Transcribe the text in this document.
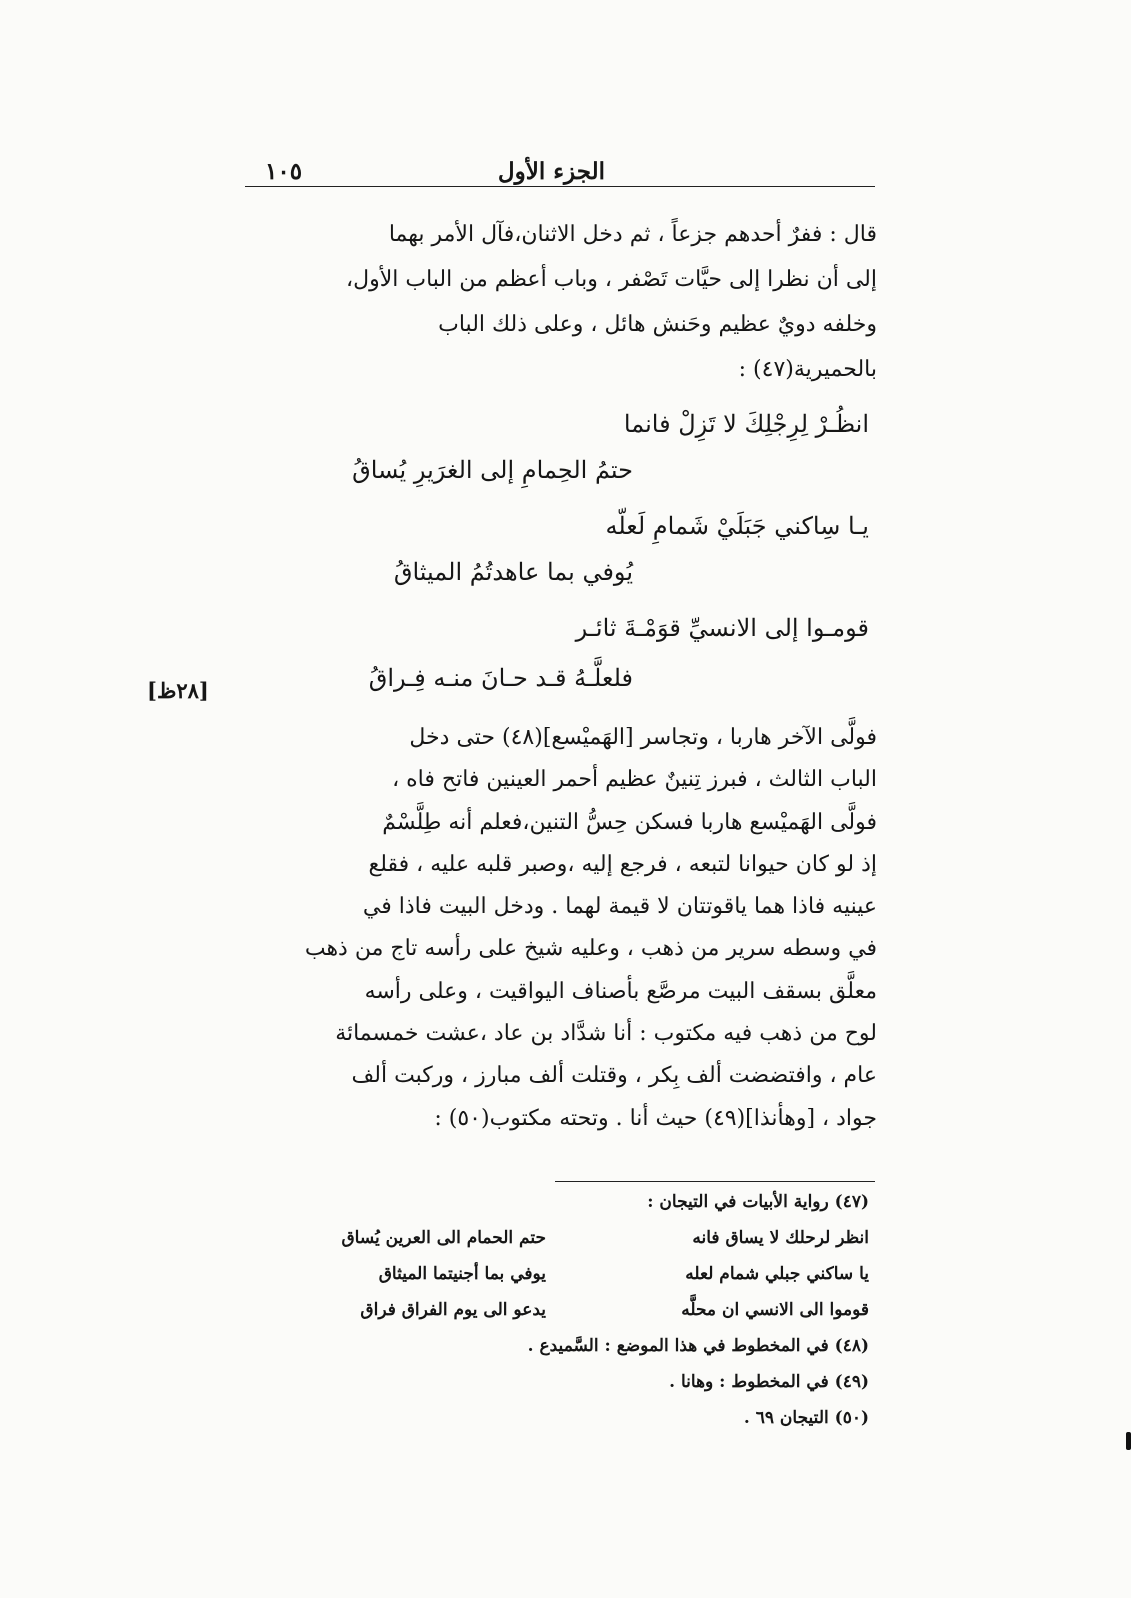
الجزء الأول
١٠٥

قال : ففرٌ أحدهم جزعاً ، ثم دخل الاثنان،فآل الأمر بهما

إلى أن نظرا إلى حيَّات تَصْفر ، وباب أعظم من الباب الأول،

وخلفه دويٌ عظيم وحَنش هائل ، وعلى ذلك الباب

بالحميرية(٤٧) :

انظُـرْ لِرِجْلِكَ لا تَزِلْ فانما
حتمُ الحِمامِ إلى الغرَيرِ يُساقُ
يـا سِاكني جَبَلَيْ شَمامِ لَعلّه
يُوفي بما عاهدتُمُ الميثاقُ
قومـوا إلى الانسيِّ قوَمْـةَ ثائـر
فلعلَّـهُ قـد حـانَ منـه فِـراقُ
[٢٨ظ]
فولَّى الآخر هاربا ، وتجاسر [الهَميْسع](٤٨) حتى دخل
الباب الثالث ، فبرز تِنينٌ عظيم أحمر العينين فاتح فاه ،
فولَّى الهَميْسع هاربا فسكن حِسُّ التنين،فعلم أنه طِلَّسْمٌ
إذ لو كان حيوانا لتبعه ، فرجع إليه ،وصبر قلبه عليه ، فقلع
عينيه فاذا هما ياقوتتان لا قيمة لهما . ودخل البيت فاذا في
في وسطه سرير من ذهب ، وعليه شيخ على رأسه تاج من ذهب
معلَّق بسقف البيت مرصَّع بأصناف اليواقيت ، وعلى رأسه
لوح من ذهب فيه مكتوب : أنا شدَّاد بن عاد ،عشت خمسمائة
عام ، وافتضضت ألف بِكر ، وقتلت ألف مبارز ، وركبت ألف
جواد ، [وهأنذا](٤٩) حيث أنا . وتحته مكتوب(٥٠) :
(٤٧) رواية الأبيات في التيجان :
انظر لرحلك لا يساق فانه
حتم الحمام الى العرين يُساق
يا ساكني جبلي شمام لعله
يوفي بما أجنيتما الميثاق
قوموا الى الانسي ان محلَّه
يدعو الى يوم الفراق فراق
(٤٨) في المخطوط في هذا الموضع : السَّميدع .
(٤٩) في المخطوط : وهانا .
(٥٠) التيجان ٦٩ .
